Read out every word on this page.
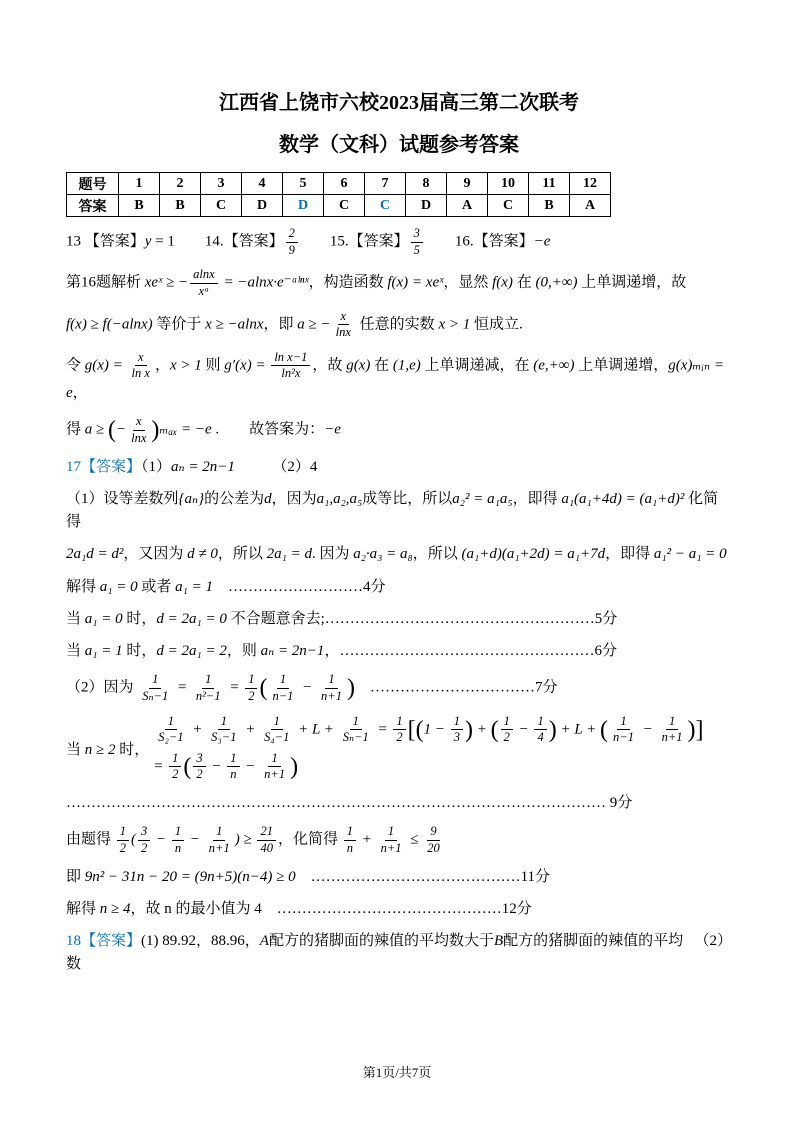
江西省上饶市六校2023届高三第二次联考
数学（文科）试题参考答案
题号	1	2	3	4	5	6	7	8	9	10	11	12
答案	B	B	C	D	D	C	C	D	A	C	B	A

13 【答案】y = 1　　14.【答案】 $\frac{2}{9}$ 　　15.【答案】 $\frac{3}{5}$ 　　16.【答案】−e

第16题解析 xeˣ ≥ − $\frac{alnx}{\text{xᵃ}}$ = −alnx·e⁻ᵃˡⁿˣ，构造函数 f(x) = xeˣ，显然 f(x) 在 (0,+∞) 上单调递增，故

f(x) ≥ f(−alnx) 等价于 x ≥ −alnx，即 a ≥ − $\frac{x}{\ln x}$ 任意的实数 x > 1 恒成立.

令 $g(x) = \frac{x}{\text{ln x}}$ ，x > 1 则 $g'(x) = \frac{\text{ln x−1}}{\text{ln²x}}$ ，故 g(x) 在 (1,e) 上单调递减，在 (e,+∞) 上单调递增，g(x)ₘᵢₙ = e，

得 a ≥ (− $\frac{x}{\ln x} )_{max} = -e$ .　　故答案为：−e

17【答案】（1）aₙ = 2n−1　　　（2）4

（1）设等差数列{aₙ}的公差为d，因为a₁,a₂,a₅成等比，所以a₂² = a₁a₅，即得 a₁(a₁+4d) = (a₁+d)² 化简得

2a₁d = d²，又因为 d ≠ 0，所以 2a₁ = d. 因为 a₂·a₃ = a₈，所以 (a₁+d)(a₁+2d) = a₁+7d，即得 a₁² − a₁ = 0

解得 a₁ = 0 或者 a₁ = 1　………………………4分

当 a₁ = 0 时，d = 2a₁ = 0 不合题意舍去;………………………………………………5分

当 a₁ = 1 时，d = 2a₁ = 2，则 aₙ = 2n−1，……………………………………………6分

（2）因为 $\frac{1}{\text{Sₙ−1}} = \frac{1}{\text{n²−1}} = \frac{1}{2}$ ( $\frac{1}{n-1} - \frac{1}{n+1}$ )　……………………………7分

当 n ≥ 2 时，
$\frac{1}{\text{S₂−1}} + \frac{1}{\text{S₃−1}} + \frac{1}{\text{S₄−1}} + L + \frac{1}{\text{Sₙ−1}} = \frac{1}{2} [(1 - \frac{1}{3}$ ) + ( $\frac{1}{2} - \frac{1}{4}$ ) + L + ( $\frac{1}{n-1} - \frac{1}{n+1}$ )]
= $\frac{1}{2}$ ( $\frac{3}{2} - \frac{1}{n} - \frac{1}{n+1}$ )

……………………………………………………………………………………………… 9分

由题得 $\frac{1}{2}$ ( $\frac{3}{2} - \frac{1}{n} - \frac{1}{n+1}$ ) ≥ $\frac{21}{40}$ ，化简得 $\frac{1}{n} + \frac{1}{n+1} \le \frac{9}{20}$

即 9n² − 31n − 20 = (9n+5)(n−4) ≥ 0　……………………………………11分

解得 n ≥ 4，故 n 的最小值为 4　………………………………………12分

18【答案】(1) 89.92，88.96，A配方的猪脚面的辣值的平均数大于B配方的猪脚面的辣值的平均数
（2）
第1页/共7页
